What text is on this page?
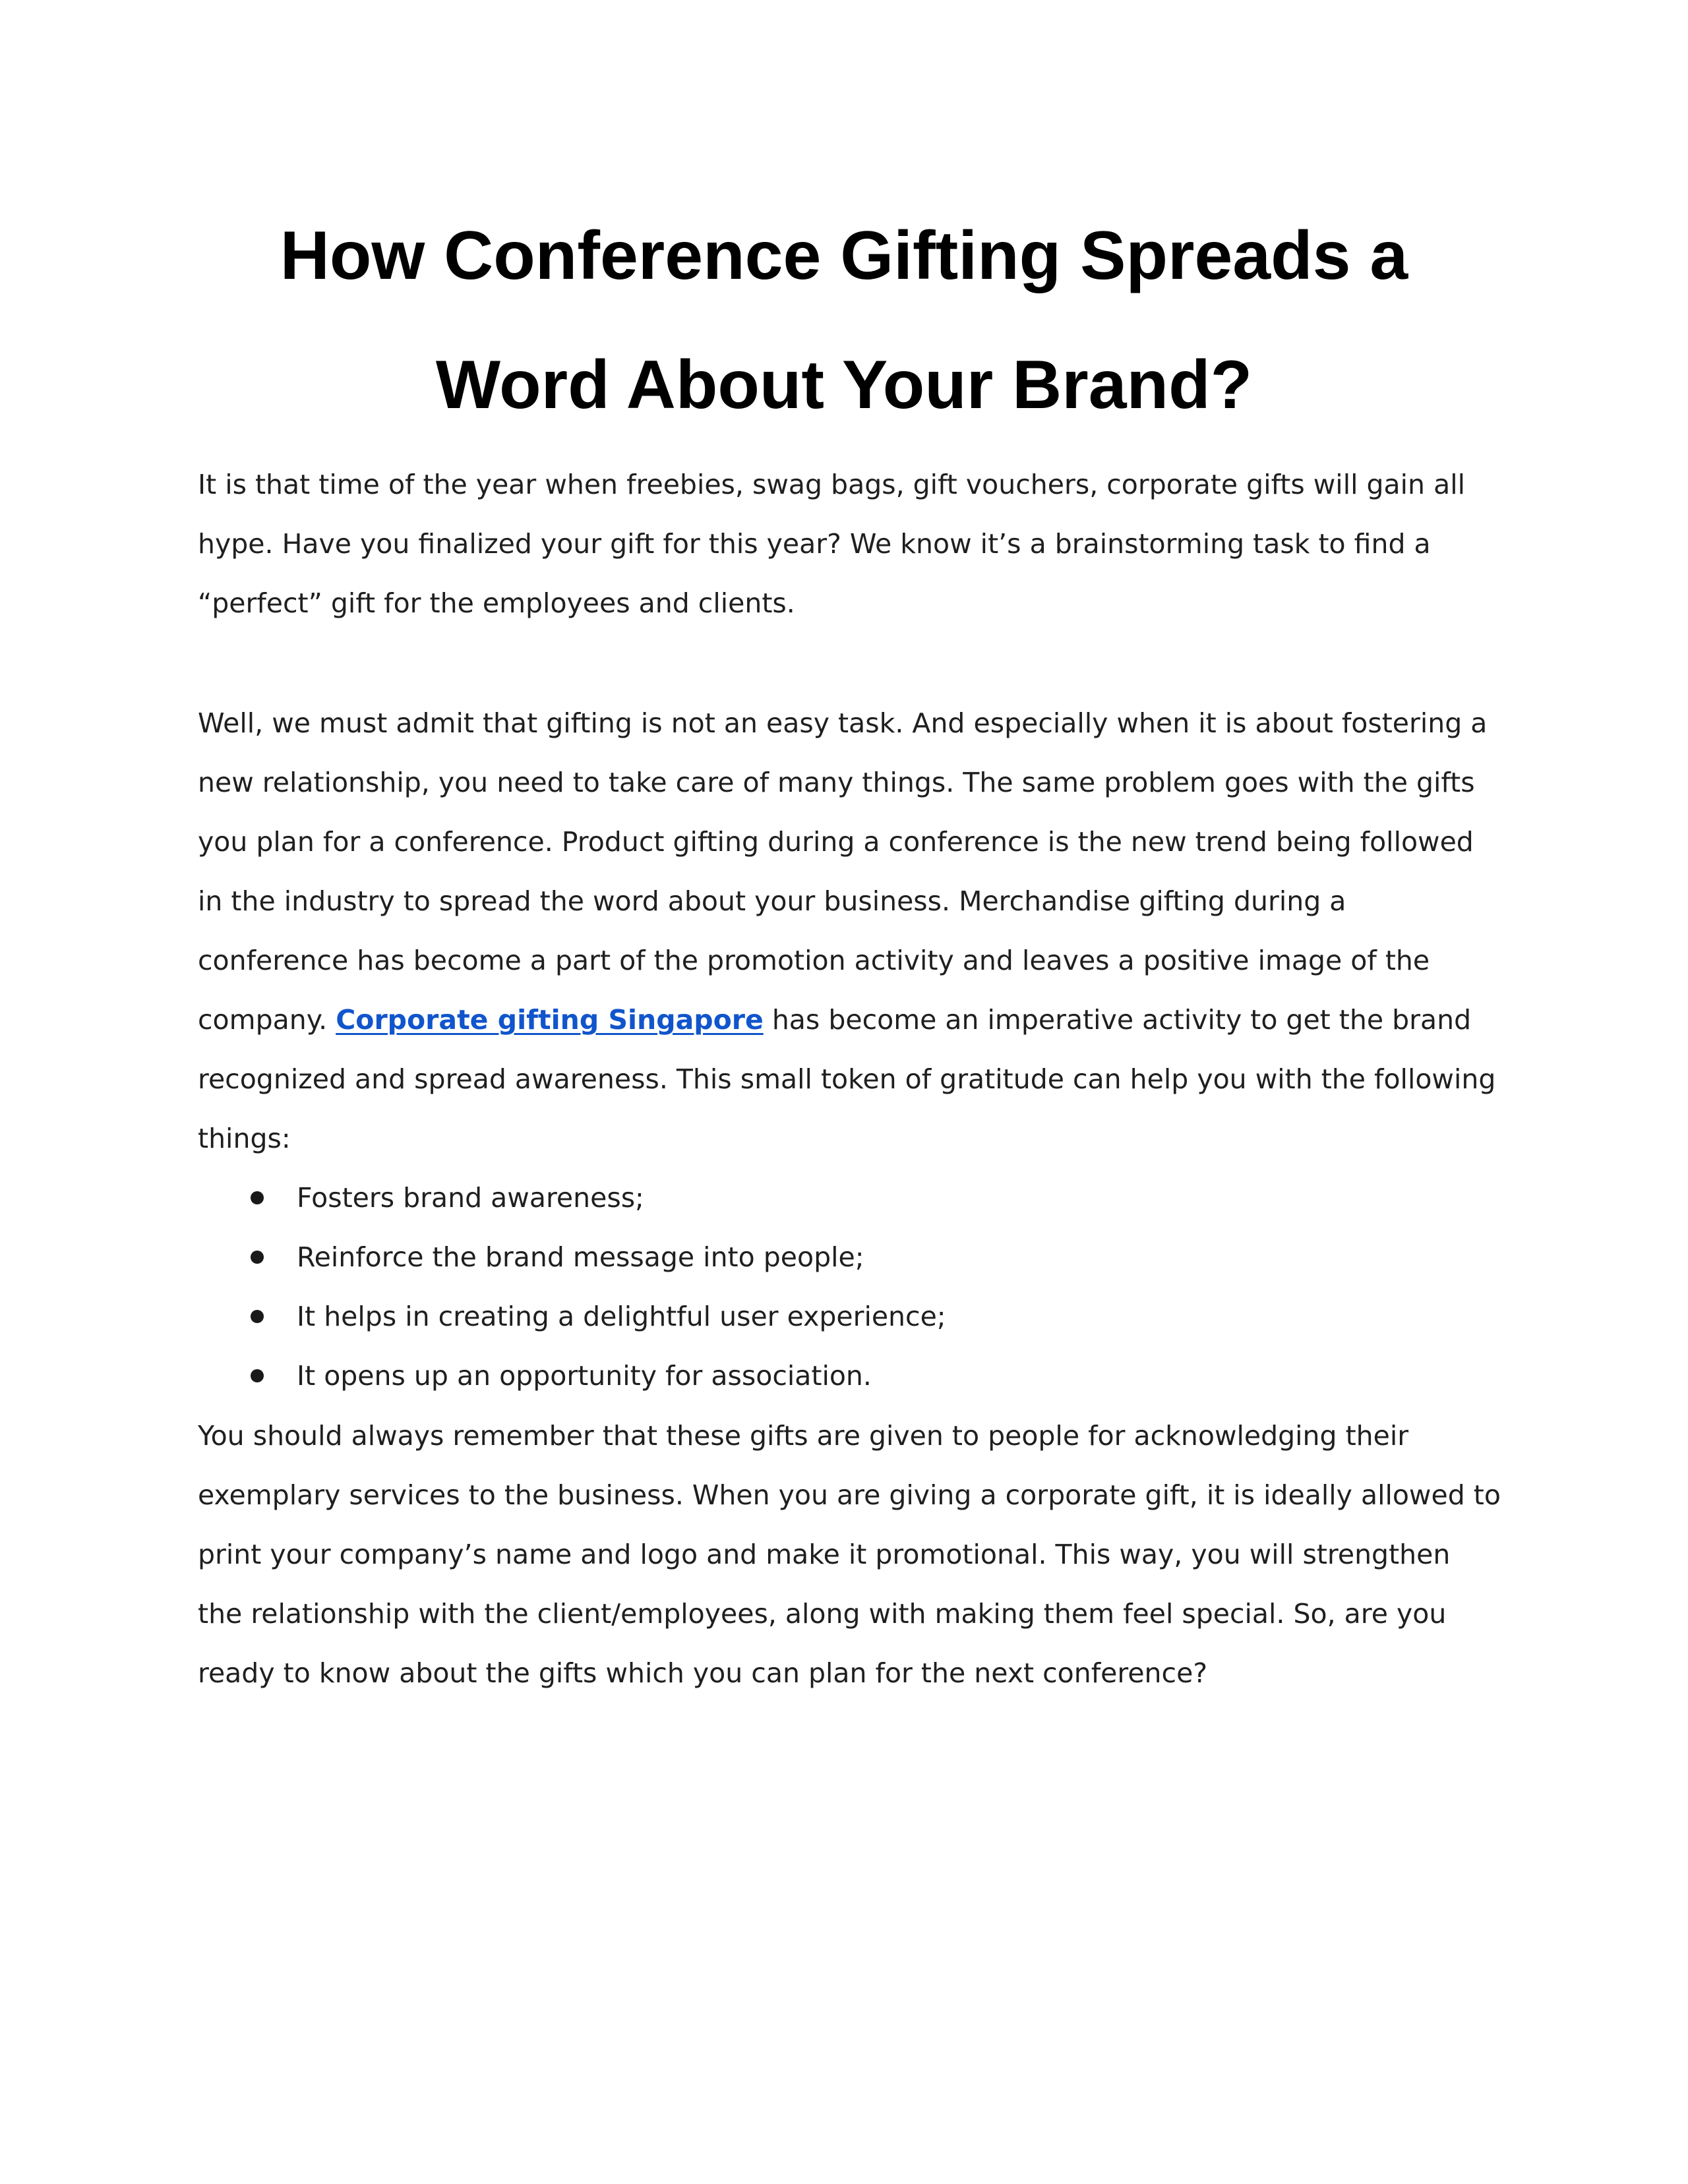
How Conference Gifting Spreads a
Word About Your Brand?
It is that time of the year when freebies, swag bags, gift vouchers, corporate gifts will gain all
hype. Have you finalized your gift for this year? We know it’s a brainstorming task to find a
“perfect” gift for the employees and clients.
Well, we must admit that gifting is not an easy task. And especially when it is about fostering a
new relationship, you need to take care of many things. The same problem goes with the gifts
you plan for a conference. Product gifting during a conference is the new trend being followed
in the industry to spread the word about your business. Merchandise gifting during a
conference has become a part of the promotion activity and leaves a positive image of the
company. Corporate gifting Singapore has become an imperative activity to get the brand
recognized and spread awareness. This small token of gratitude can help you with the following
things:
Fosters brand awareness;
Reinforce the brand message into people;
It helps in creating a delightful user experience;
It opens up an opportunity for association.
You should always remember that these gifts are given to people for acknowledging their
exemplary services to the business. When you are giving a corporate gift, it is ideally allowed to
print your company’s name and logo and make it promotional. This way, you will strengthen
the relationship with the client/employees, along with making them feel special. So, are you
ready to know about the gifts which you can plan for the next conference?
